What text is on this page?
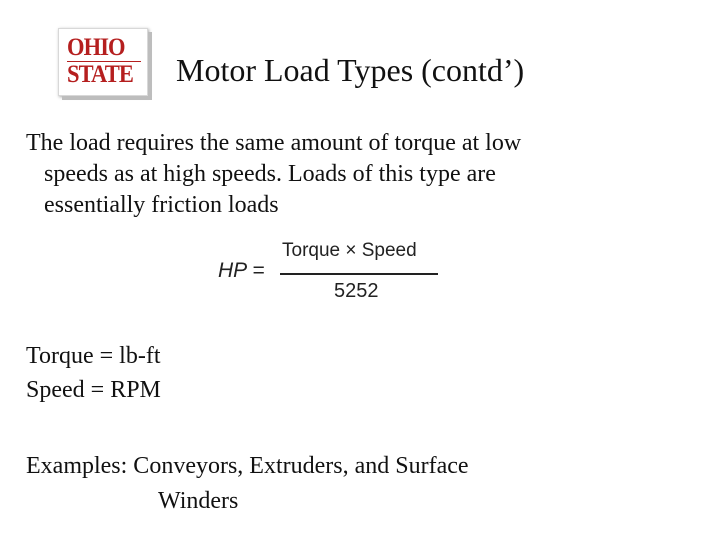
OHIO
STATE Motor Load Types (contd’)
The load requires the same amount of torque at low
speeds as at high speeds. Loads of this type are
essentially friction loads
HP =
Torque × Speed
5252
Torque = lb-ft
Speed = RPM
Examples: Conveyors, Extruders, and Surface
Winders
